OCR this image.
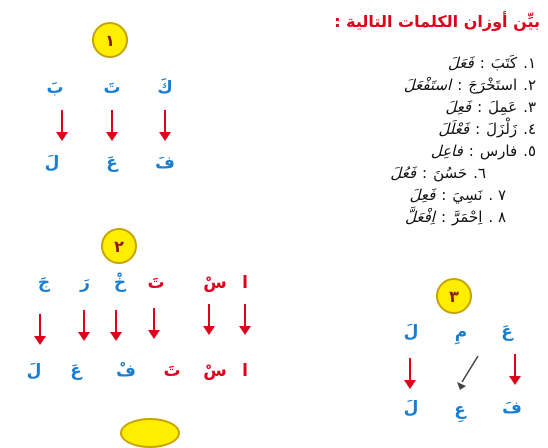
بيِّن أوزان الكلمات التالية :
١.كَتَبَ:فَعَلَ
٢.استَخْرَجَ:استَفْعَلَ
٣.عَمِلَ:فَعِلَ
٤.زَلْزَلَ:فَعْلَلَ
٥.فارس:فاعِل
٦.حَسُنَ:فَعُلَ
٧ .نَسِيَ:فَعِلَ
٨ .اِحْمَرَّ:اِفْعَلَّ
١
كَ
تَ
بَ
فَ
عَ
لَ
٢
ا
سْ
تَ
خْ
رَ
جَ
ا
سْ
تَ
فْ
عَ
لَ
٣
عَ
مِ
لَ
فَ
عِ
لَ
